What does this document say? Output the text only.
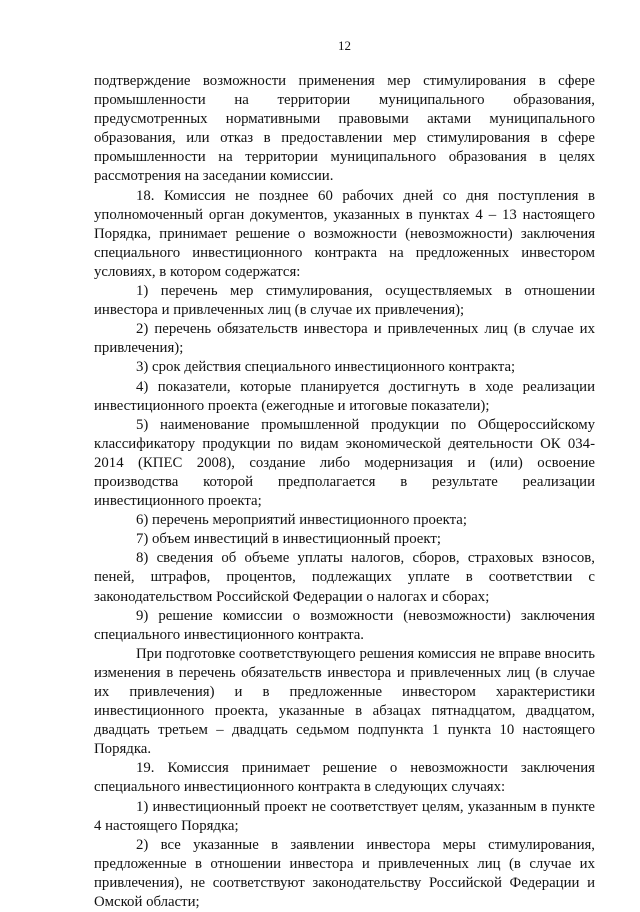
12

подтверждение возможности применения мер стимулирования в сфере промышленности на территории муниципального образования, предусмотренных нормативными правовыми актами муниципального образования, или отказ в предоставлении мер стимулирования в сфере промышленности на территории муниципального образования в целях рассмотрения на заседании комиссии.

18. Комиссия не позднее 60 рабочих дней со дня поступления в уполномоченный орган документов, указанных в пунктах 4 – 13 настоящего Порядка, принимает решение о возможности (невозможности) заключения специального инвестиционного контракта на предложенных инвестором условиях, в котором содержатся:

1) перечень мер стимулирования, осуществляемых в отношении инвестора и привлеченных лиц (в случае их привлечения);

2) перечень обязательств инвестора и привлеченных лиц (в случае их привлечения);

3) срок действия специального инвестиционного контракта;

4) показатели, которые планируется достигнуть в ходе реализации инвестиционного проекта (ежегодные и итоговые показатели);

5) наименование промышленной продукции по Общероссийскому классификатору продукции по видам экономической деятельности ОК 034-2014 (КПЕС 2008), создание либо модернизация и (или) освоение производства которой предполагается в результате реализации инвестиционного проекта;

6) перечень мероприятий инвестиционного проекта;

7) объем инвестиций в инвестиционный проект;

8) сведения об объеме уплаты налогов, сборов, страховых взносов, пеней, штрафов, процентов, подлежащих уплате в соответствии с законодательством Российской Федерации о налогах и сборах;

9) решение комиссии о возможности (невозможности) заключения специального инвестиционного контракта.

При подготовке соответствующего решения комиссия не вправе вносить изменения в перечень обязательств инвестора и привлеченных лиц (в случае их привлечения) и в предложенные инвестором характеристики инвестиционного проекта, указанные в абзацах пятнадцатом, двадцатом, двадцать третьем – двадцать седьмом подпункта 1 пункта 10 настоящего Порядка.

19. Комиссия принимает решение о невозможности заключения специального инвестиционного контракта в следующих случаях:

1) инвестиционный проект не соответствует целям, указанным в пункте 4 настоящего Порядка;

2) все указанные в заявлении инвестора меры стимулирования, предложенные в отношении инвестора и привлеченных лиц (в случае их привлечения), не соответствуют законодательству Российской Федерации и Омской области;
